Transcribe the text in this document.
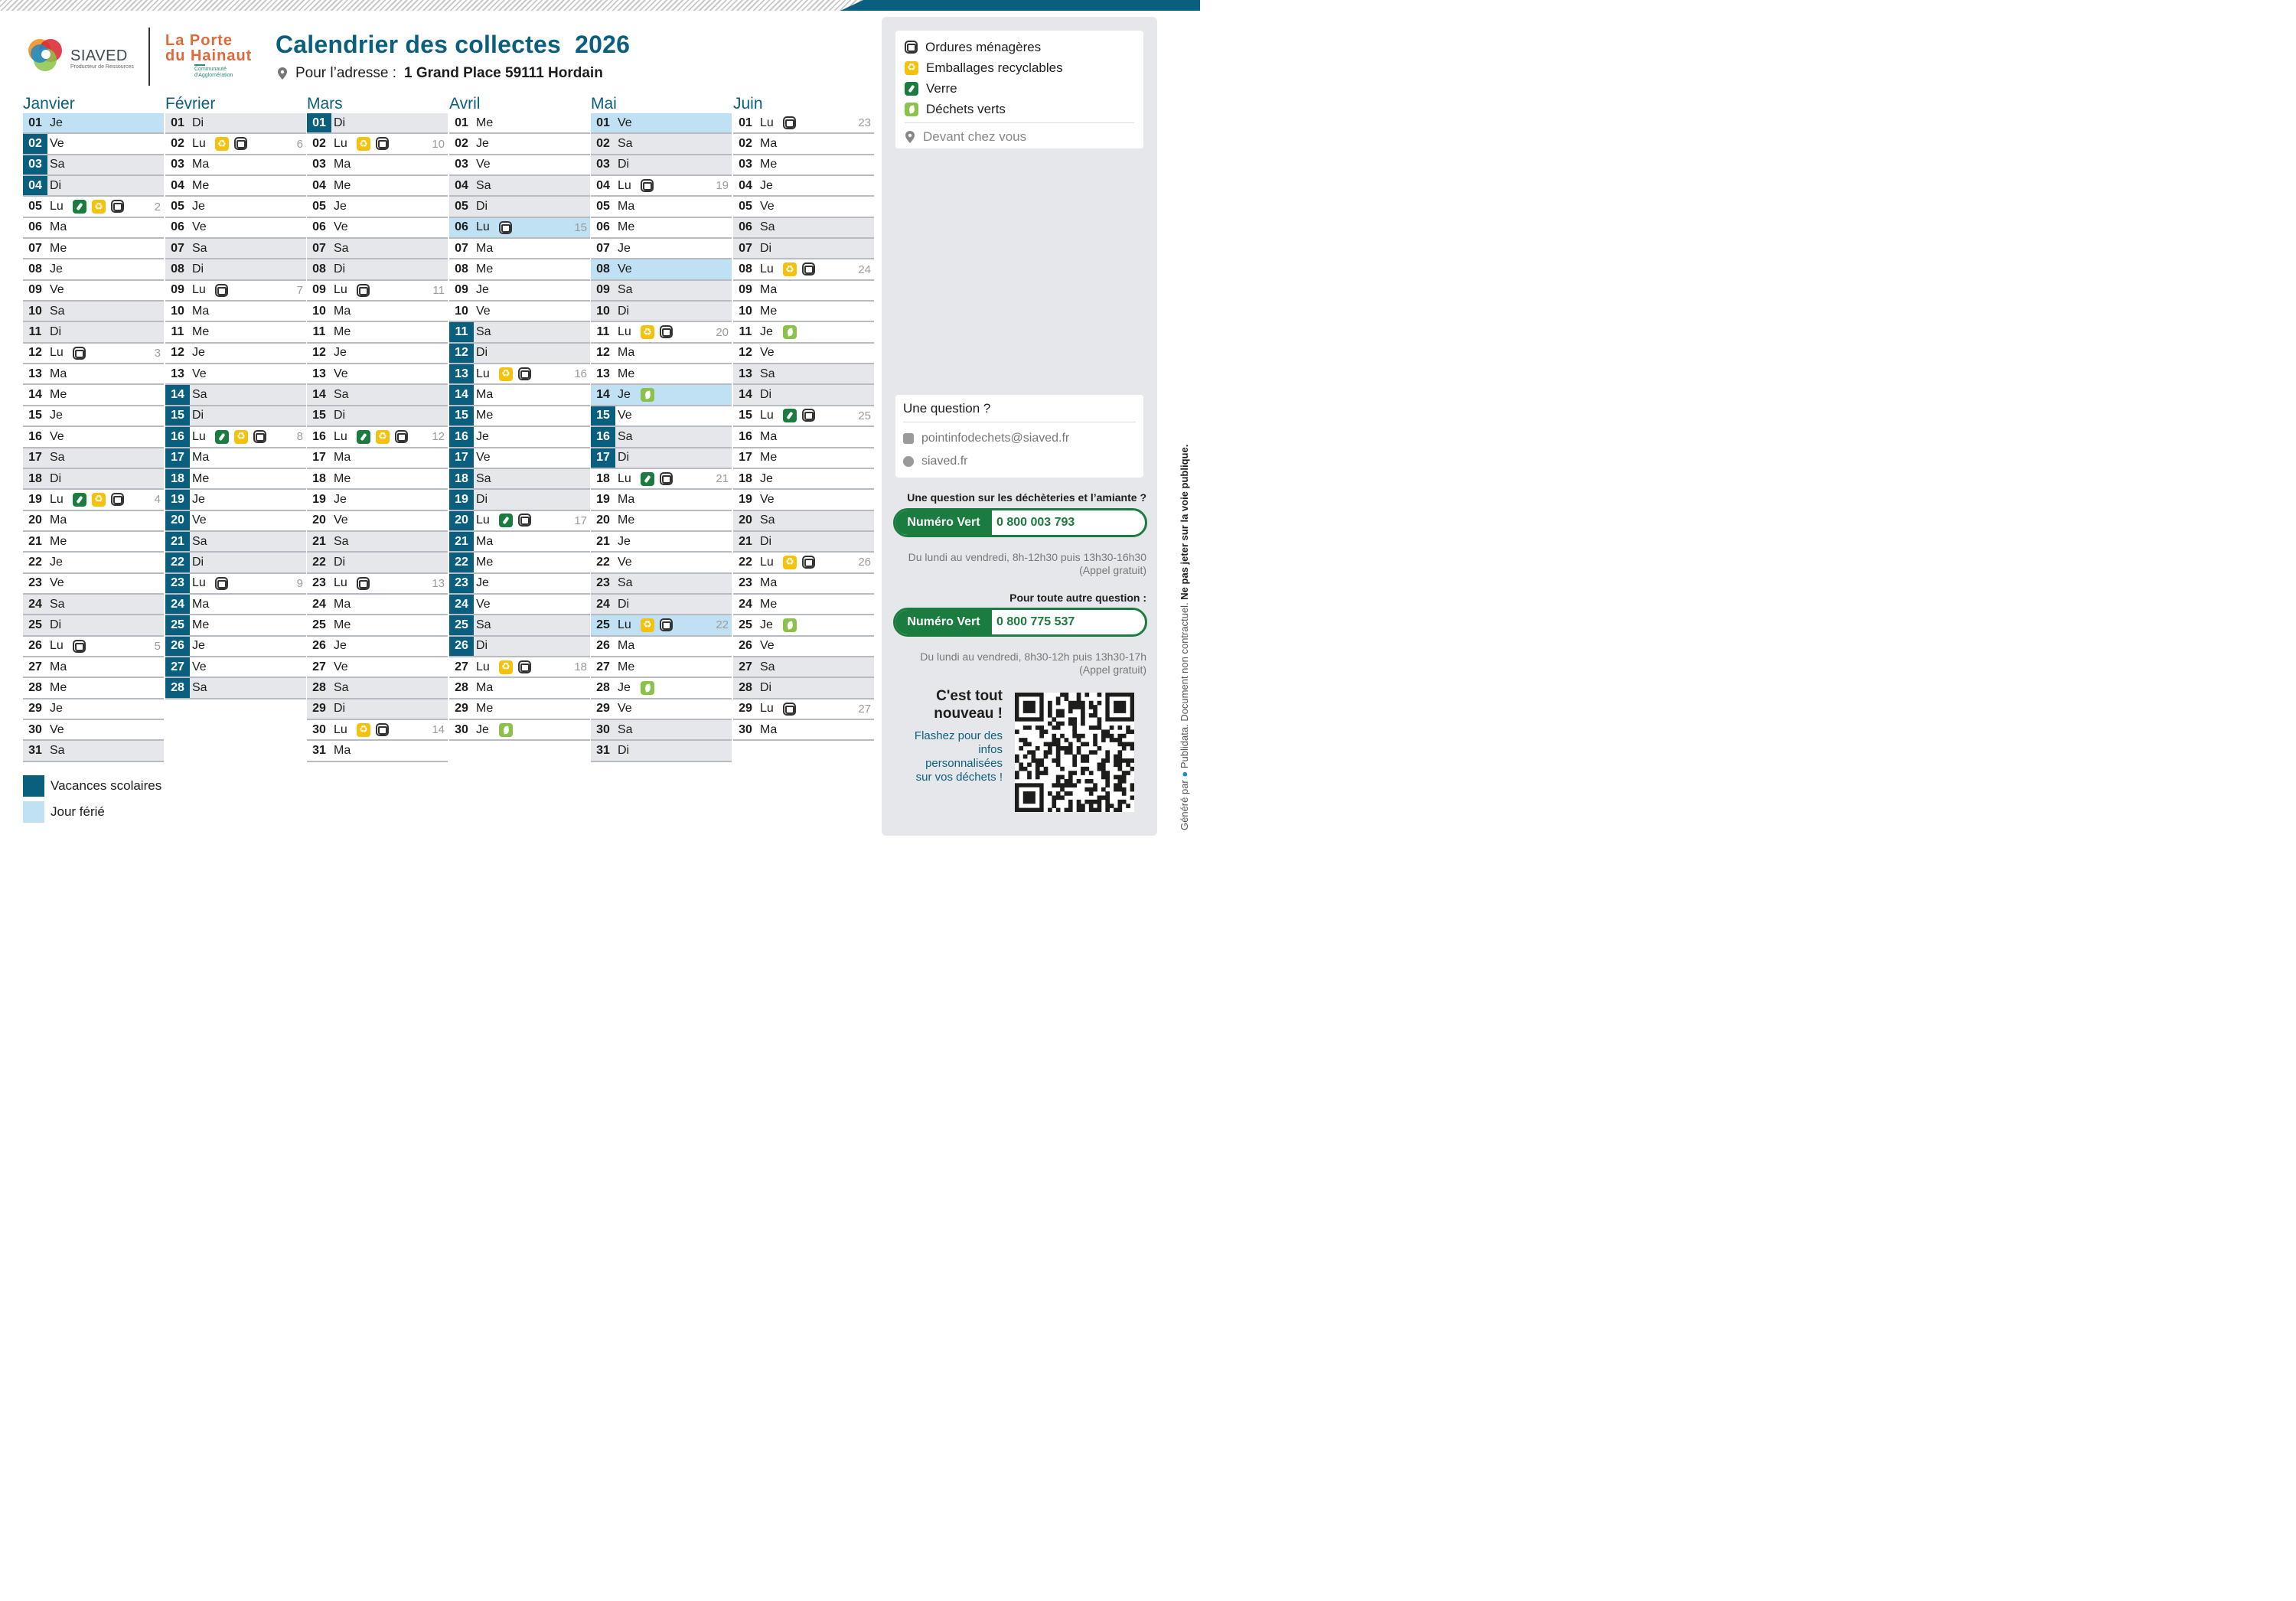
SIAVED
Producteur de Ressources
La Porte
du Hainaut
Communauté d'Agglomération
Calendrier des collectes  2026
Pour l’adresse : 1 Grand Place 59111 Hordain
Janvier
01 Je
02 Ve
03 Sa
04 Di
05 Lu ♻	2
06 Ma
07 Me
08 Je
09 Ve
10 Sa
11 Di
12 Lu	3
13 Ma
14 Me
15 Je
16 Ve
17 Sa
18 Di
19 Lu ♻	4
20 Ma
21 Me
22 Je
23 Ve
24 Sa
25 Di
26 Lu	5
27 Ma
28 Me
29 Je
30 Ve
31 Sa
Février
01 Di
02 Lu ♻	6
03 Ma
04 Me
05 Je
06 Ve
07 Sa
08 Di
09 Lu	7
10 Ma
11 Me
12 Je
13 Ve
14 Sa
15 Di
16 Lu ♻	8
17 Ma
18 Me
19 Je
20 Ve
21 Sa
22 Di
23 Lu	9
24 Ma
25 Me
26 Je
27 Ve
28 Sa
Mars
01 Di
02 Lu ♻	10
03 Ma
04 Me
05 Je
06 Ve
07 Sa
08 Di
09 Lu	11
10 Ma
11 Me
12 Je
13 Ve
14 Sa
15 Di
16 Lu ♻	12
17 Ma
18 Me
19 Je
20 Ve
21 Sa
22 Di
23 Lu	13
24 Ma
25 Me
26 Je
27 Ve
28 Sa
29 Di
30 Lu ♻	14
31 Ma
Avril
01 Me
02 Je
03 Ve
04 Sa
05 Di
06 Lu	15
07 Ma
08 Me
09 Je
10 Ve
11 Sa
12 Di
13 Lu ♻	16
14 Ma
15 Me
16 Je
17 Ve
18 Sa
19 Di
20 Lu	17
21 Ma
22 Me
23 Je
24 Ve
25 Sa
26 Di
27 Lu ♻	18
28 Ma
29 Me
30 Je
Mai
01 Ve
02 Sa
03 Di
04 Lu	19
05 Ma
06 Me
07 Je
08 Ve
09 Sa
10 Di
11 Lu ♻	20
12 Ma
13 Me
14 Je
15 Ve
16 Sa
17 Di
18 Lu	21
19 Ma
20 Me
21 Je
22 Ve
23 Sa
24 Di
25 Lu ♻	22
26 Ma
27 Me
28 Je
29 Ve
30 Sa
31 Di
Juin
01 Lu	23
02 Ma
03 Me
04 Je
05 Ve
06 Sa
07 Di
08 Lu ♻	24
09 Ma
10 Me
11 Je
12 Ve
13 Sa
14 Di
15 Lu	25
16 Ma
17 Me
18 Je
19 Ve
20 Sa
21 Di
22 Lu ♻	26
23 Ma
24 Me
25 Je
26 Ve
27 Sa
28 Di
29 Lu	27
30 Ma
Vacances scolaires
Jour férié
Ordures ménagères
♻
Emballages recyclables
Verre
Déchets verts
Devant chez vous
Une question ?
pointinfodechets@siaved.fr
siaved.fr
Une question sur les déchèteries et l’amiante ?
Numéro Vert	0 800 003 793
Du lundi au vendredi, 8h-12h30 puis 13h30-16h30
(Appel gratuit)
Pour toute autre question :
Numéro Vert	0 800 775 537
Du lundi au vendredi, 8h30-12h puis 13h30-17h
(Appel gratuit)
C'est tout
nouveau !
Flashez pour des
infos
personnalisées
sur vos déchets !
Généré par ● Publidata. Document non contractuel. Ne pas jeter sur la voie publique.
